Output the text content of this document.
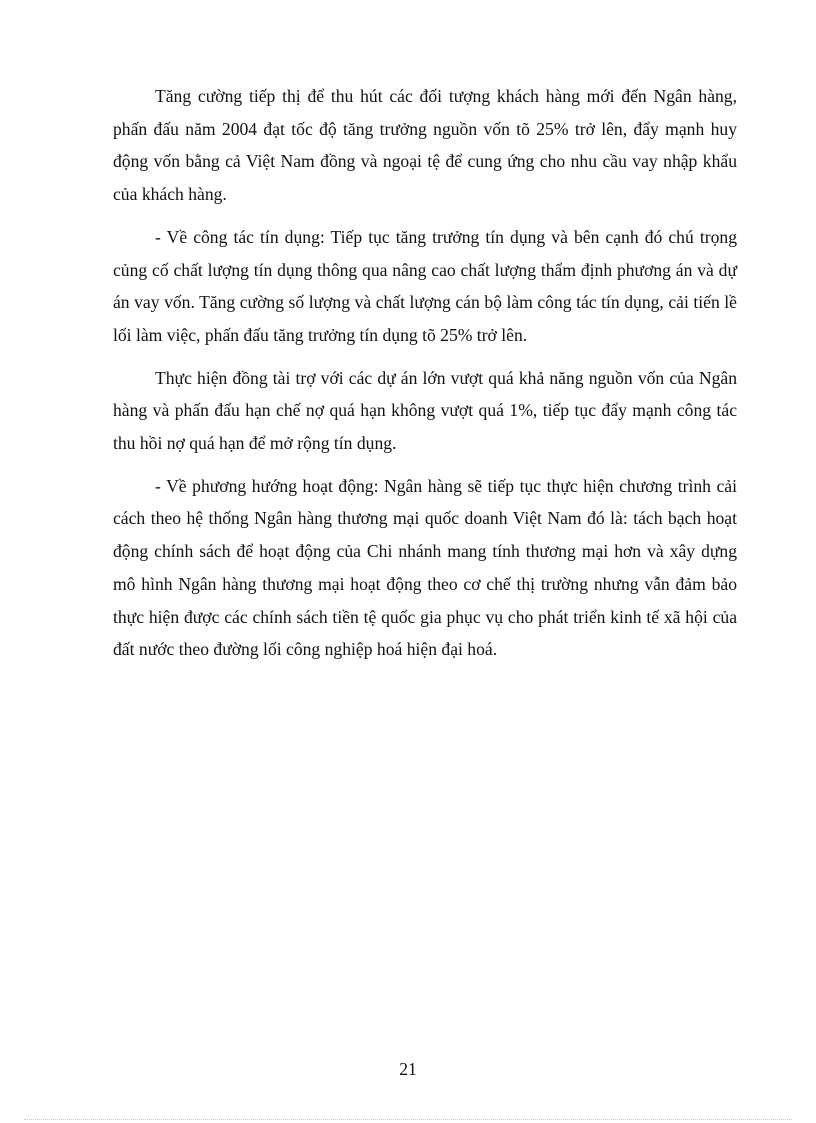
Tăng cường tiếp thị để thu hút các đối tượng khách hàng mới đến Ngân hàng, phấn đấu năm 2004 đạt tốc độ tăng trưởng nguồn vốn tõ 25% trở lên, đẩy mạnh huy động vốn bằng cả Việt Nam đồng và ngoại tệ để cung ứng cho nhu cầu vay nhập khẩu của khách hàng.

- Về công tác tín dụng: Tiếp tục tăng trưởng tín dụng và bên cạnh đó chú trọng củng cố chất lượng tín dụng thông qua nâng cao chất lượng thẩm định phương án và dự án vay vốn. Tăng cường số lượng và chất lượng cán bộ làm công tác tín dụng, cải tiến lề lối làm việc, phấn đấu tăng trưởng tín dụng tõ 25% trở lên.

Thực hiện đồng tài trợ với các dự án lớn vượt quá khả năng nguồn vốn của Ngân hàng và phấn đấu hạn chế nợ quá hạn không vượt quá 1%, tiếp tục đẩy mạnh công tác thu hồi nợ quá hạn để mở rộng tín dụng.

- Về phương hướng hoạt động: Ngân hàng sẽ tiếp tục thực hiện chương trình cải cách theo hệ thống Ngân hàng thương mại quốc doanh Việt Nam đó là: tách bạch hoạt động chính sách để hoạt động của Chi nhánh mang tính thương mại hơn và xây dựng mô hình Ngân hàng thương mại hoạt động theo cơ chế thị trường nhưng vẫn đảm bảo thực hiện được các chính sách tiền tệ quốc gia phục vụ cho phát triển kinh tế xã hội của đất nước theo đường lối công nghiệp hoá hiện đại hoá.

21
